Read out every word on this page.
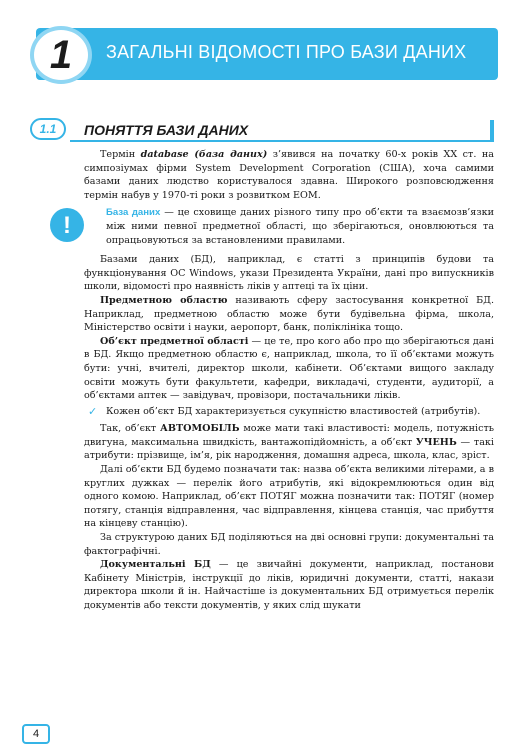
1 ЗАГАЛЬНІ ВІДОМОСТІ ПРО БАЗИ ДАНИХ
1.1 ПОНЯТТЯ БАЗИ ДАНИХ

Термін database (база даних) з’явився на початку 60-х років XX ст. на симпозіумах фірми System Development Corporation (США), хоча самими базами даних людство користувалося здавна. Широкого розповсюдження термін набув у 1970-ті роки з розвитком ЕОМ.

!	База даних — це сховище даних різного типу про об’єкти та взаємозв’язки між ними певної предметної області, що зберігаються, оновлюються та опрацьовуються за встановленими правилами.

Базами даних (БД), наприклад, є статті з принципів будови та функціонування ОС Windows, укази Президента України, дані про випускників школи, відомості про наявність ліків у аптеці та їх ціни.

Предметною областю називають сферу застосування конкретної БД. Наприклад, предметною областю може бути будівельна фірма, школа, Міністерство освіти і науки, аеропорт, банк, поліклініка тощо.

Об’єкт предметної області — це те, про кого або про що зберігаються дані в БД. Якщо предметною областю є, наприклад, школа, то її об’єктами можуть бути: учні, вчителі, директор школи, кабінети. Об’єктами вищого закладу освіти можуть бути факультети, кафедри, викладачі, студенти, аудиторії, а об’єктами аптек — завідувач, провізори, постачальники ліків.

✓ Кожен об’єкт БД характеризується сукупністю властивостей (атрибутів).

Так, об’єкт АВТОМОБІЛЬ може мати такі властивості: модель, потужність двигуна, максимальна швидкість, вантажопідйомність, а об’єкт УЧЕНЬ — такі атрибути: прізвище, ім’я, рік народження, домашня адреса, школа, клас, зріст.

Далі об’єкти БД будемо позначати так: назва об’єкта великими літерами, а в круглих дужках — перелік його атрибутів, які відокремлюються один від одного комою. Наприклад, об’єкт ПОТЯГ можна позначити так: ПОТЯГ (номер потягу, станція відправлення, час відправлення, кінцева станція, час прибуття на кінцеву станцію).

За структурою даних БД поділяються на дві основні групи: документальні та фактографічні.

Документальні БД — це звичайні документи, наприклад, постанови Кабінету Міністрів, інструкції до ліків, юридичні документи, статті, накази директора школи й ін. Найчастіше із документальних БД отримується перелік документів або тексти документів, у яких слід шукати

4
